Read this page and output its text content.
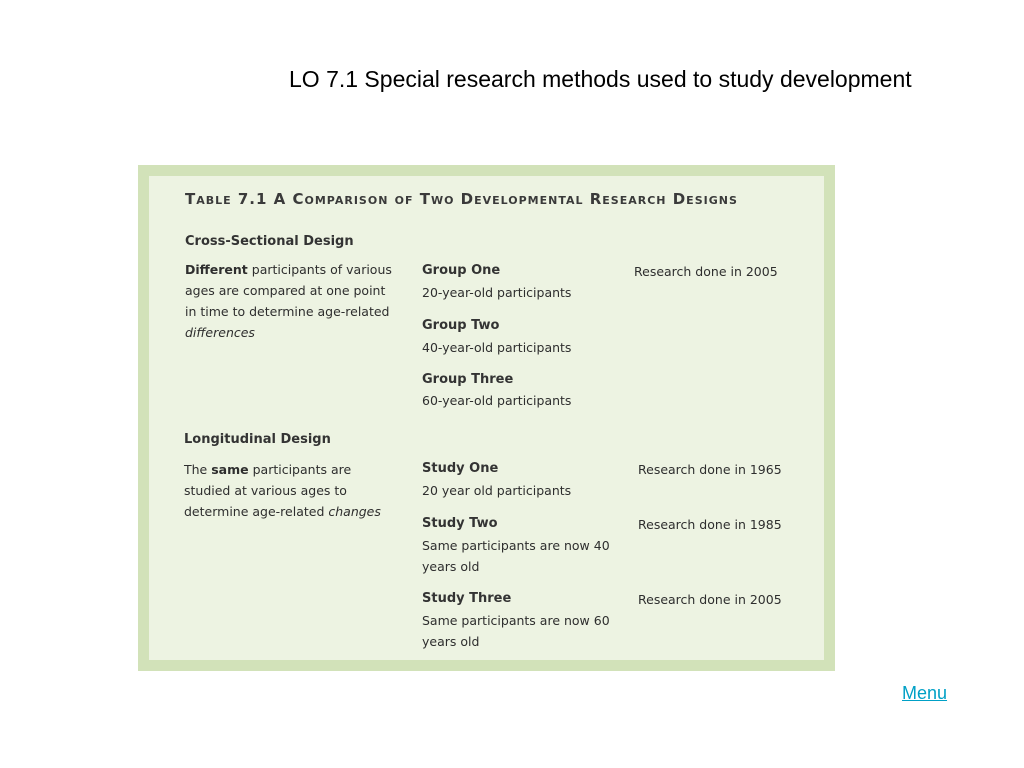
LO 7.1 Special research methods used to study development
Table 7.1 A Comparison of Two Developmental Research Designs
Cross-Sectional Design
Different participants of various ages are compared at one point in time to determine age-related differences
Group One
20-year-old participants
Research done in 2005
Group Two
40-year-old participants
Group Three
60-year-old participants
Longitudinal Design
The same participants are studied at various ages to determine age-related changes
Study One
20 year old participants
Research done in 1965
Study Two
Same participants are now 40 years old
Research done in 1985
Study Three
Same participants are now 60 years old
Research done in 2005
Menu
